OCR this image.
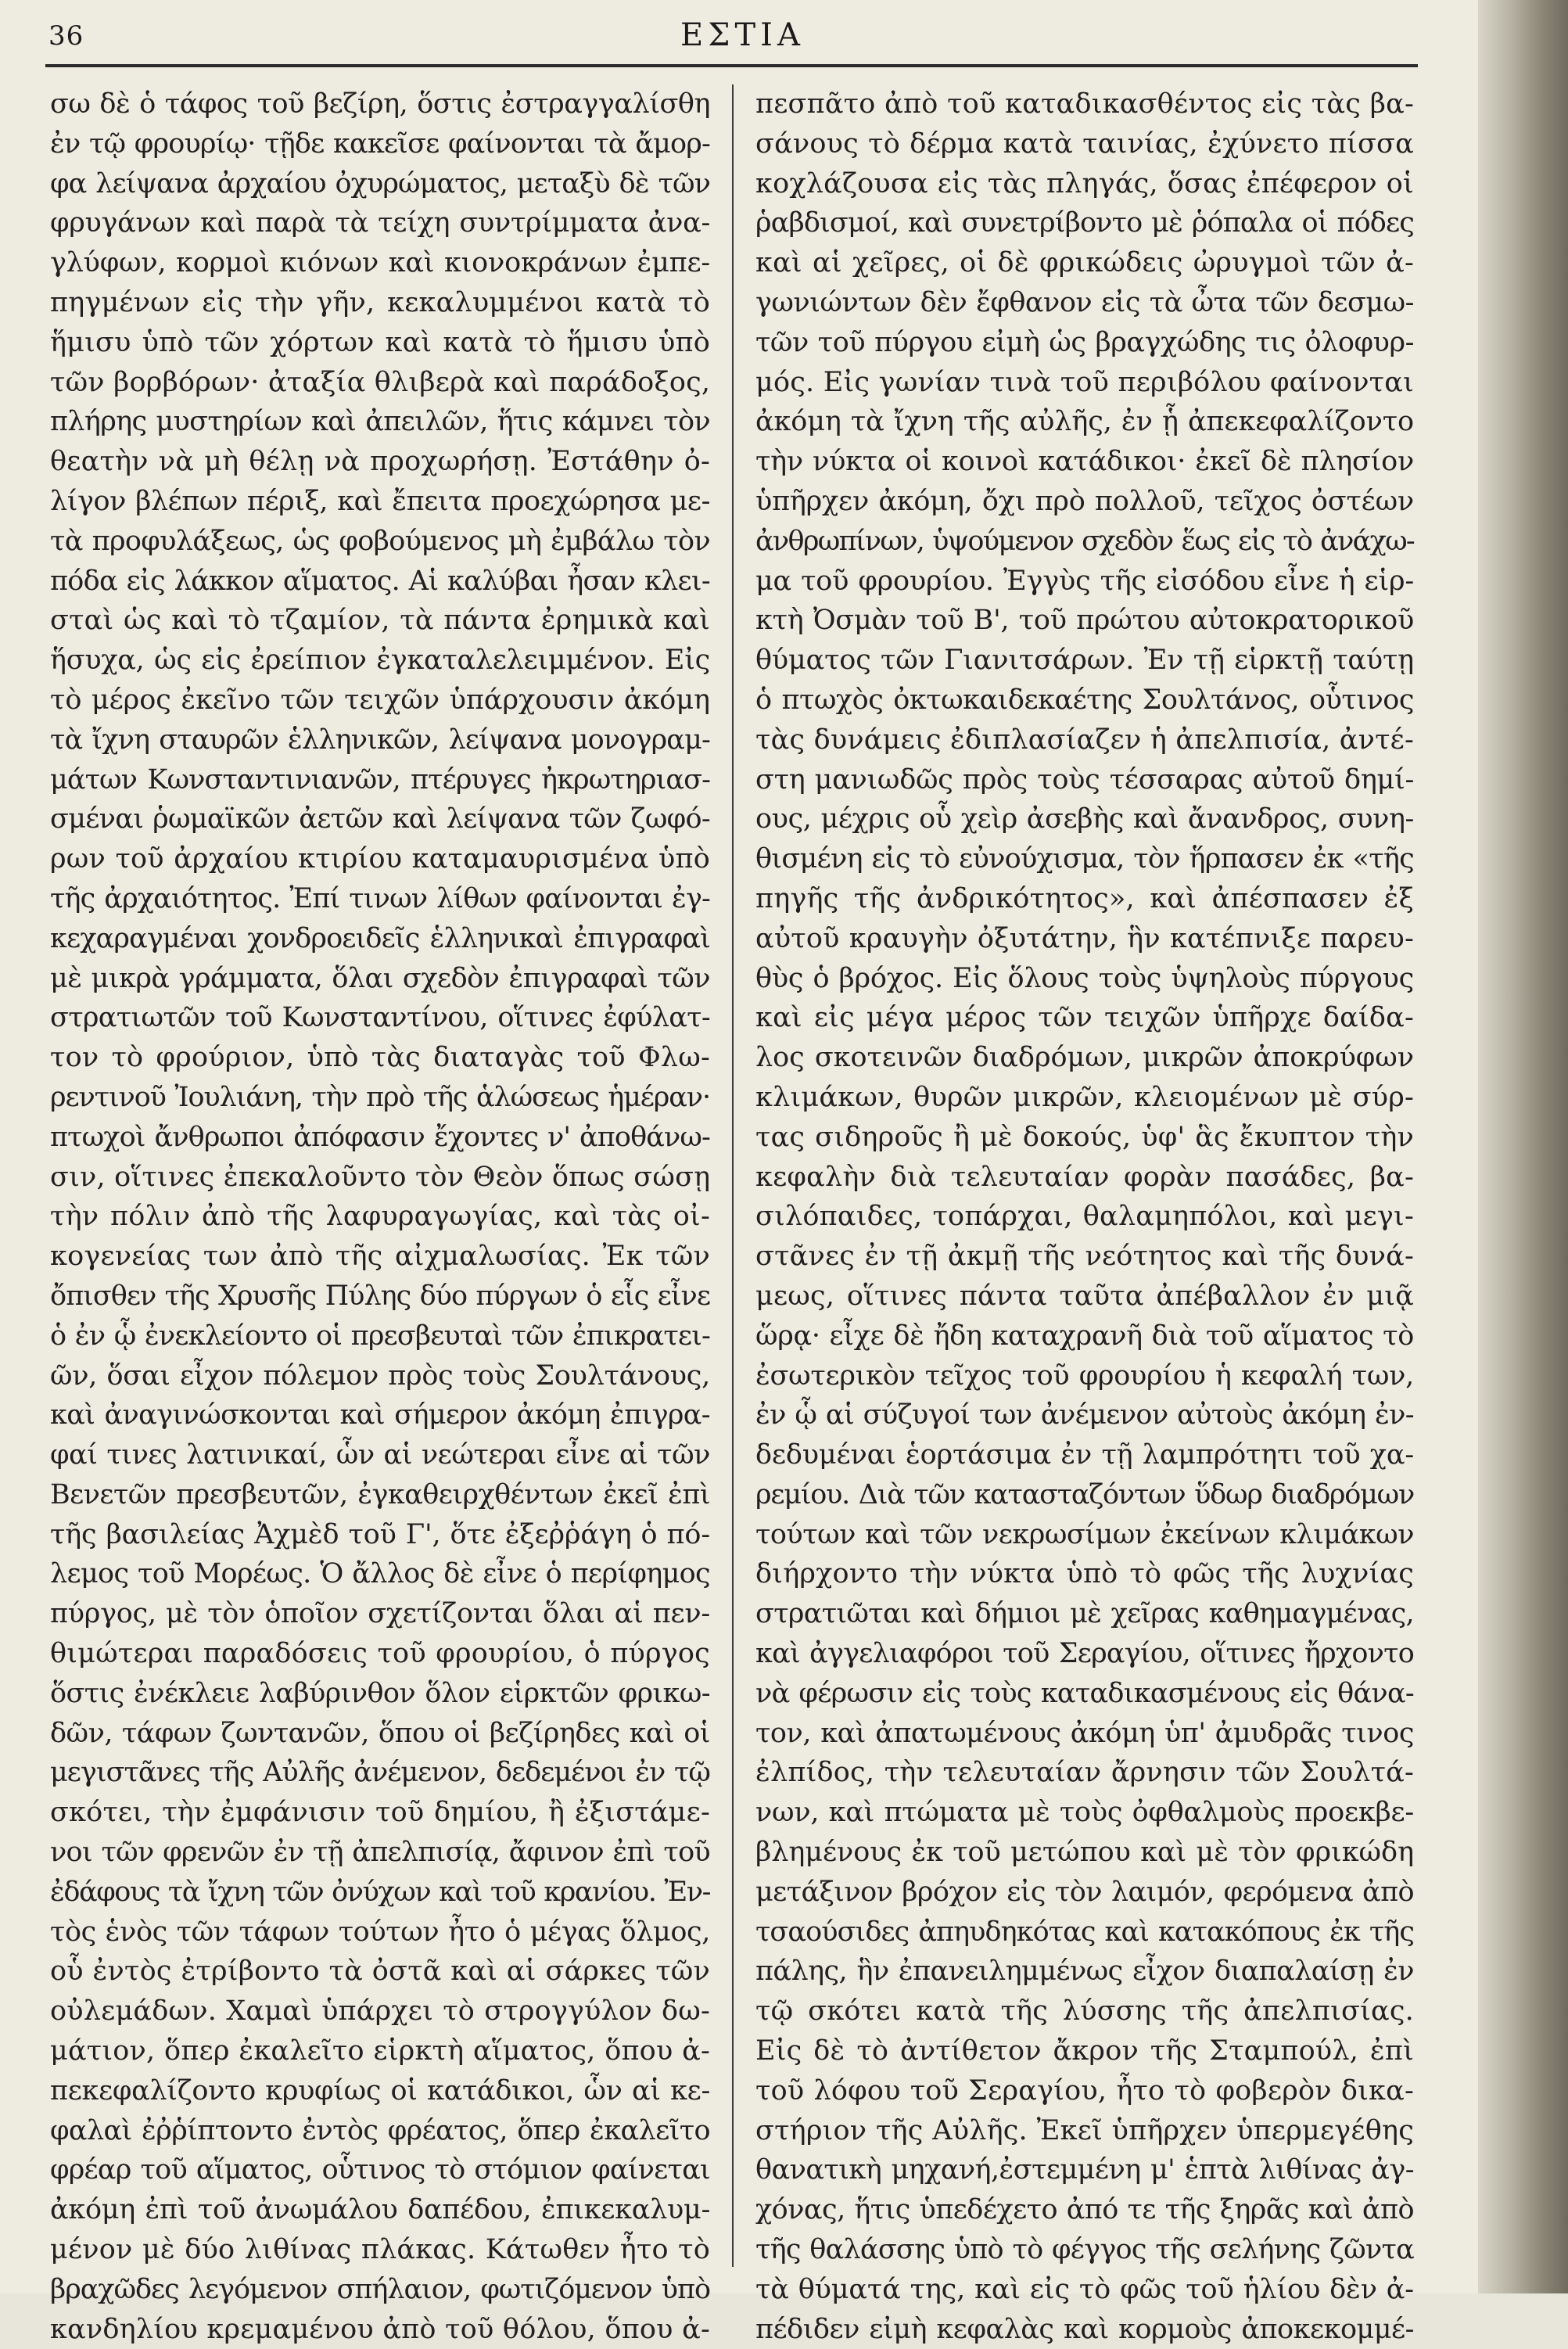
36	ΕΣΤΙΑ
σω δὲ ὁ τάφος τοῦ βεζίρη, ὅστις ἐστραγγαλίσθη
ἐν τῷ φρουρίῳ· τῇδε κακεῖσε φαίνονται τὰ ἄμορ-
φα λείψανα ἀρχαίου ὀχυρώματος, μεταξὺ δὲ τῶν
φρυγάνων καὶ παρὰ τὰ τείχη συντρίμματα ἀνα-
γλύφων, κορμοὶ κιόνων καὶ κιονοκράνων ἐμπε-
πηγμένων εἰς τὴν γῆν, κεκαλυμμένοι κατὰ τὸ
ἥμισυ ὑπὸ τῶν χόρτων καὶ κατὰ τὸ ἥμισυ ὑπὸ
τῶν βορβόρων· ἀταξία θλιβερὰ καὶ παράδοξος,
πλήρης μυστηρίων καὶ ἀπειλῶν, ἥτις κάμνει τὸν
θεατὴν νὰ μὴ θέλῃ νὰ προχωρήσῃ. Ἐστάθην ὀ-
λίγον βλέπων πέριξ, καὶ ἔπειτα προεχώρησα με-
τὰ προφυλάξεως, ὡς φοβούμενος μὴ ἐμβάλω τὸν
πόδα εἰς λάκκον αἵματος. Αἱ καλύβαι ἦσαν κλει-
σταὶ ὡς καὶ τὸ τζαμίον, τὰ πάντα ἐρημικὰ καὶ
ἥσυχα, ὡς εἰς ἐρείπιον ἐγκαταλελειμμένον. Εἰς
τὸ μέρος ἐκεῖνο τῶν τειχῶν ὑπάρχουσιν ἀκόμη
τὰ ἴχνη σταυρῶν ἑλληνικῶν, λείψανα μονογραμ-
μάτων Κωνσταντινιανῶν, πτέρυγες ἠκρωτηριασ-
σμέναι ῥωμαϊκῶν ἀετῶν καὶ λείψανα τῶν ζωφό-
ρων τοῦ ἀρχαίου κτιρίου καταμαυρισμένα ὑπὸ
τῆς ἀρχαιότητος. Ἐπί τινων λίθων φαίνονται ἐγ-
κεχαραγμέναι χονδροειδεῖς ἑλληνικαὶ ἐπιγραφαὶ
μὲ μικρὰ γράμματα, ὅλαι σχεδὸν ἐπιγραφαὶ τῶν
στρατιωτῶν τοῦ Κωνσταντίνου, οἵτινες ἐφύλατ-
τον τὸ φρούριον, ὑπὸ τὰς διαταγὰς τοῦ Φλω-
ρεντινοῦ Ἰουλιάνη, τὴν πρὸ τῆς ἁλώσεως ἡμέραν·
πτωχοὶ ἄνθρωποι ἀπόφασιν ἔχοντες ν' ἀποθάνω-
σιν, οἵτινες ἐπεκαλοῦντο τὸν Θεὸν ὅπως σώσῃ
τὴν πόλιν ἀπὸ τῆς λαφυραγωγίας, καὶ τὰς οἰ-
κογενείας των ἀπὸ τῆς αἰχμαλωσίας. Ἐκ τῶν
ὄπισθεν τῆς Χρυσῆς Πύλης δύο πύργων ὁ εἷς εἶνε
ὁ ἐν ᾧ ἐνεκλείοντο οἱ πρεσβευταὶ τῶν ἐπικρατει-
ῶν, ὅσαι εἶχον πόλεμον πρὸς τοὺς Σουλτάνους,
καὶ ἀναγινώσκονται καὶ σήμερον ἀκόμη ἐπιγρα-
φαί τινες λατινικαί, ὧν αἱ νεώτεραι εἶνε αἱ τῶν
Βενετῶν πρεσβευτῶν, ἐγκαθειρχθέντων ἐκεῖ ἐπὶ
τῆς βασιλείας Ἀχμὲδ τοῦ Γ', ὅτε ἐξεῤῥάγη ὁ πό-
λεμος τοῦ Μορέως. Ὁ ἄλλος δὲ εἶνε ὁ περίφημος
πύργος, μὲ τὸν ὁποῖον σχετίζονται ὅλαι αἱ πεν-
θιμώτεραι παραδόσεις τοῦ φρουρίου, ὁ πύργος
ὅστις ἐνέκλειε λαβύρινθον ὅλον εἱρκτῶν φρικω-
δῶν, τάφων ζωντανῶν, ὅπου οἱ βεζίρηδες καὶ οἱ
μεγιστᾶνες τῆς Αὐλῆς ἀνέμενον, δεδεμένοι ἐν τῷ
σκότει, τὴν ἐμφάνισιν τοῦ δημίου, ἢ ἐξιστάμε-
νοι τῶν φρενῶν ἐν τῇ ἀπελπισίᾳ, ἄφινον ἐπὶ τοῦ
ἐδάφους τὰ ἴχνη τῶν ὀνύχων καὶ τοῦ κρανίου. Ἐν-
τὸς ἑνὸς τῶν τάφων τούτων ἦτο ὁ μέγας ὅλμος,
οὗ ἐντὸς ἐτρίβοντο τὰ ὀστᾶ καὶ αἱ σάρκες τῶν
οὐλεμάδων. Χαμαὶ ὑπάρχει τὸ στρογγύλον δω-
μάτιον, ὅπερ ἐκαλεῖτο εἱρκτὴ αἵματος, ὅπου ἀ-
πεκεφαλίζοντο κρυφίως οἱ κατάδικοι, ὧν αἱ κε-
φαλαὶ ἐῤῥίπτοντο ἐντὸς φρέατος, ὅπερ ἐκαλεῖτο
φρέαρ τοῦ αἵματος, οὗτινος τὸ στόμιον φαίνεται
ἀκόμη ἐπὶ τοῦ ἀνωμάλου δαπέδου, ἐπικεκαλυμ-
μένον μὲ δύο λιθίνας πλάκας. Κάτωθεν ἦτο τὸ
βραχῶδες λεγόμενον σπήλαιον, φωτιζόμενον ὑπὸ
κανδηλίου κρεμαμένου ἀπὸ τοῦ θόλου, ὅπου ἀ-
πεσπᾶτο ἀπὸ τοῦ καταδικασθέντος εἰς τὰς βα-
σάνους τὸ δέρμα κατὰ ταινίας, ἐχύνετο πίσσα
κοχλάζουσα εἰς τὰς πληγάς, ὅσας ἐπέφερον οἱ
ῥαβδισμοί, καὶ συνετρίβοντο μὲ ῥόπαλα οἱ πόδες
καὶ αἱ χεῖρες, οἱ δὲ φρικώδεις ὠρυγμοὶ τῶν ἀ-
γωνιώντων δὲν ἔφθανον εἰς τὰ ὦτα τῶν δεσμω-
τῶν τοῦ πύργου εἰμὴ ὡς βραγχώδης τις ὀλοφυρ-
μός. Εἰς γωνίαν τινὰ τοῦ περιβόλου φαίνονται
ἀκόμη τὰ ἴχνη τῆς αὐλῆς, ἐν ᾗ ἀπεκεφαλίζοντο
τὴν νύκτα οἱ κοινοὶ κατάδικοι· ἐκεῖ δὲ πλησίον
ὑπῆρχεν ἀκόμη, ὄχι πρὸ πολλοῦ, τεῖχος ὀστέων
ἀνθρωπίνων, ὑψούμενον σχεδὸν ἕως εἰς τὸ ἀνάχω-
μα τοῦ φρουρίου. Ἐγγὺς τῆς εἰσόδου εἶνε ἡ εἱρ-
κτὴ Ὀσμὰν τοῦ Β', τοῦ πρώτου αὐτοκρατορικοῦ
θύματος τῶν Γιανιτσάρων. Ἐν τῇ εἱρκτῇ ταύτῃ
ὁ πτωχὸς ὀκτωκαιδεκαέτης Σουλτάνος, οὗτινος
τὰς δυνάμεις ἐδιπλασίαζεν ἡ ἀπελπισία, ἀντέ-
στη μανιωδῶς πρὸς τοὺς τέσσαρας αὐτοῦ δημί-
ους, μέχρις οὗ χεὶρ ἀσεβὴς καὶ ἄνανδρος, συνη-
θισμένη εἰς τὸ εὐνούχισμα, τὸν ἥρπασεν ἐκ «τῆς
πηγῆς τῆς ἀνδρικότητος», καὶ ἀπέσπασεν ἐξ
αὐτοῦ κραυγὴν ὀξυτάτην, ἣν κατέπνιξε παρευ-
θὺς ὁ βρόχος. Εἰς ὅλους τοὺς ὑψηλοὺς πύργους
καὶ εἰς μέγα μέρος τῶν τειχῶν ὑπῆρχε δαίδα-
λος σκοτεινῶν διαδρόμων, μικρῶν ἀποκρύφων
κλιμάκων, θυρῶν μικρῶν, κλειομένων μὲ σύρ-
τας σιδηροῦς ἢ μὲ δοκούς, ὑφ' ἃς ἔκυπτον τὴν
κεφαλὴν διὰ τελευταίαν φορὰν πασάδες, βα-
σιλόπαιδες, τοπάρχαι, θαλαμηπόλοι, καὶ μεγι-
στᾶνες ἐν τῇ ἀκμῇ τῆς νεότητος καὶ τῆς δυνά-
μεως, οἵτινες πάντα ταῦτα ἀπέβαλλον ἐν μιᾷ
ὥρᾳ· εἶχε δὲ ἤδη καταχρανῆ διὰ τοῦ αἵματος τὸ
ἐσωτερικὸν τεῖχος τοῦ φρουρίου ἡ κεφαλή των,
ἐν ᾧ αἱ σύζυγοί των ἀνέμενον αὐτοὺς ἀκόμη ἐν-
δεδυμέναι ἑορτάσιμα ἐν τῇ λαμπρότητι τοῦ χα-
ρεμίου. Διὰ τῶν κατασταζόντων ὕδωρ διαδρόμων
τούτων καὶ τῶν νεκρωσίμων ἐκείνων κλιμάκων
διήρχοντο τὴν νύκτα ὑπὸ τὸ φῶς τῆς λυχνίας
στρατιῶται καὶ δήμιοι μὲ χεῖρας καθημαγμένας,
καὶ ἀγγελιαφόροι τοῦ Σεραγίου, οἵτινες ἤρχοντο
νὰ φέρωσιν εἰς τοὺς καταδικασμένους εἰς θάνα-
τον, καὶ ἀπατωμένους ἀκόμη ὑπ' ἀμυδρᾶς τινος
ἐλπίδος, τὴν τελευταίαν ἄρνησιν τῶν Σουλτά-
νων, καὶ πτώματα μὲ τοὺς ὀφθαλμοὺς προεκβε-
βλημένους ἐκ τοῦ μετώπου καὶ μὲ τὸν φρικώδη
μετάξινον βρόχον εἰς τὸν λαιμόν, φερόμενα ἀπὸ
τσαούσιδες ἀπηυδηκότας καὶ κατακόπους ἐκ τῆς
πάλης, ἣν ἐπανειλημμένως εἶχον διαπαλαίσῃ ἐν
τῷ σκότει κατὰ τῆς λύσσης τῆς ἀπελπισίας.
Εἰς δὲ τὸ ἀντίθετον ἄκρον τῆς Σταμπούλ, ἐπὶ
τοῦ λόφου τοῦ Σεραγίου, ἦτο τὸ φοβερὸν δικα-
στήριον τῆς Αὐλῆς. Ἐκεῖ ὑπῆρχεν ὑπερμεγέθης
θανατικὴ μηχανή,ἐστεμμένη μ' ἑπτὰ λιθίνας ἀγ-
χόνας, ἥτις ὑπεδέχετο ἀπό τε τῆς ξηρᾶς καὶ ἀπὸ
τῆς θαλάσσης ὑπὸ τὸ φέγγος τῆς σελήνης ζῶντα
τὰ θύματά της, καὶ εἰς τὸ φῶς τοῦ ἡλίου δὲν ἀ-
πέδιδεν εἰμὴ κεφαλὰς καὶ κορμοὺς ἀποκεκομμέ-
